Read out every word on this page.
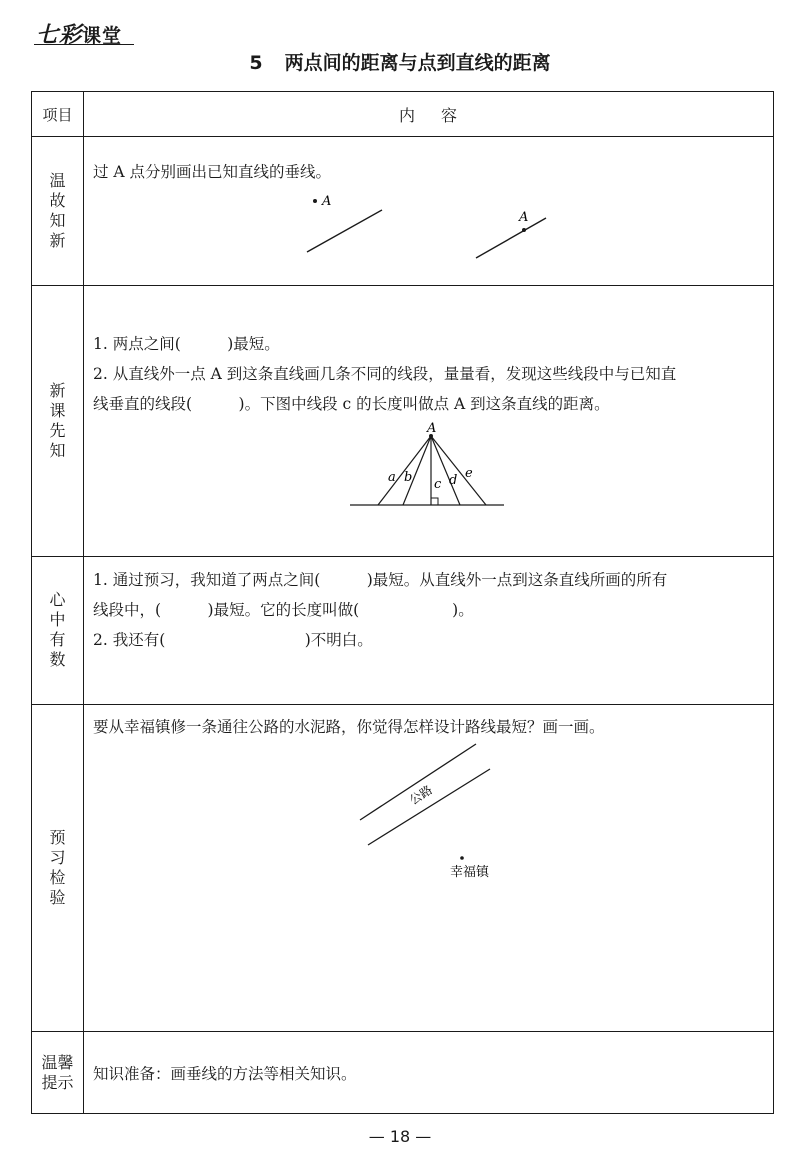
七彩课堂
5 两点间的距离与点到直线的距离
项目	内容
温
故
知
新
过 A 点分别画出已知直线的垂线。
A
A
新
课
先
知
1. 两点之间(　　　)最短。
2. 从直线外一点 A 到这条直线画几条不同的线段，量量看，发现这些线段中与已知直
线垂直的线段(　　　)。下图中线段 c 的长度叫做点 A 到这条直线的距离。
A
a b c d e
心
中
有
数
1. 通过预习，我知道了两点之间(　　　)最短。从直线外一点到这条直线所画的所有
线段中，(　　　)最短。它的长度叫做(　　　　　　)。
2. 我还有(　　　　　　　　　)不明白。
预
习
检
验
要从幸福镇修一条通往公路的水泥路，你觉得怎样设计路线最短？画一画。
公路
幸福镇
温馨
提示 知识准备：画垂线的方法等相关知识。
— 18 —
